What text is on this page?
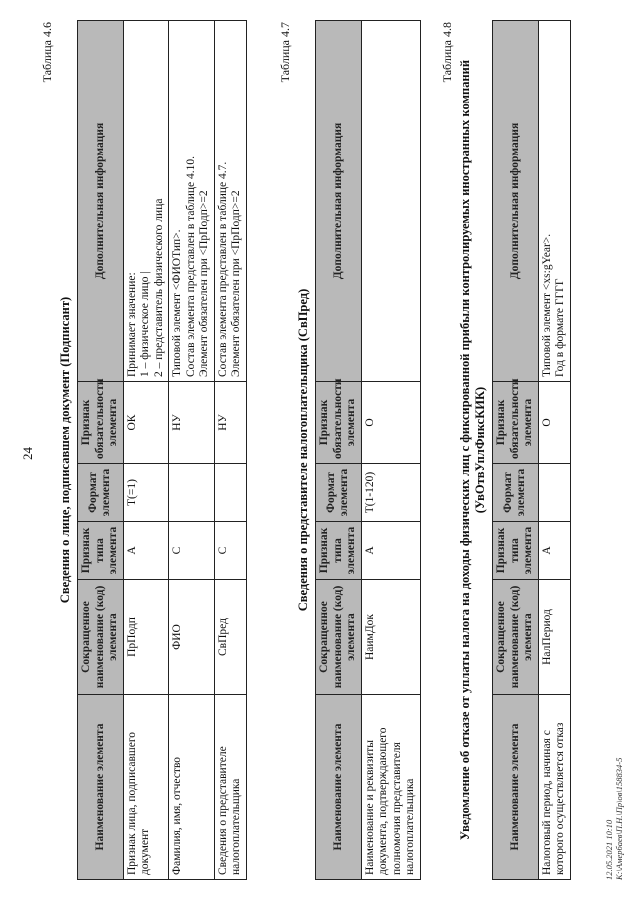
24
Таблица 4.6
Сведения о лице, подписавшем документ (Подписант)
Наименование элемента	Сокращенное наименование (код) элемента	Признак типа элемента	Формат элемента	Признак обязательности элемента	Дополнительная информация
Признак лица, подписавшего документ	ПрПодп	А	Т(=1)	ОК	Принимает значение: 1 – физическое лицо | 2 – представитель физического лица

Фамилия, имя, отчество	ФИО	С		НУ	Типовой элемент <ФИОТип>. Состав элемента представлен в таблице 4.10. Элемент обязателен при <ПрПодп>=2

Сведения о представителе налогоплательщика	СвПред	С		НУ	Состав элемента представлен в таблице 4.7. Элемент обязателен при <ПрПодп>=2
Таблица 4.7
Сведения о представителе налогоплательщика (СвПред)
Наименование элемента	Сокращенное наименование (код) элемента	Признак типа элемента	Формат элемента	Признак обязательности элемента	Дополнительная информация
Наименование и реквизиты документа, подтверждающего полномочия представителя налогоплательщика	НаимДок	А	Т(1-120)	О	
Таблица 4.8
Уведомление об отказе от уплаты налога на доходы физических лиц с фиксированной прибыли контролируемых иностранных компаний (УвОтвУплФиксКИК)
Наименование элемента	Сокращенное наименование (код) элемента	Признак типа элемента	Формат элемента	Признак обязательности элемента	Дополнительная информация
Налоговый период, начиная с которого осуществляется отказ	НалПериод	А		О	Типовой элемент <xs:gYear>. Год в формате ГГГГ
12.05.2021 10:10 K:\Амербаев\П.Н.\Пр\ов\158834-5
